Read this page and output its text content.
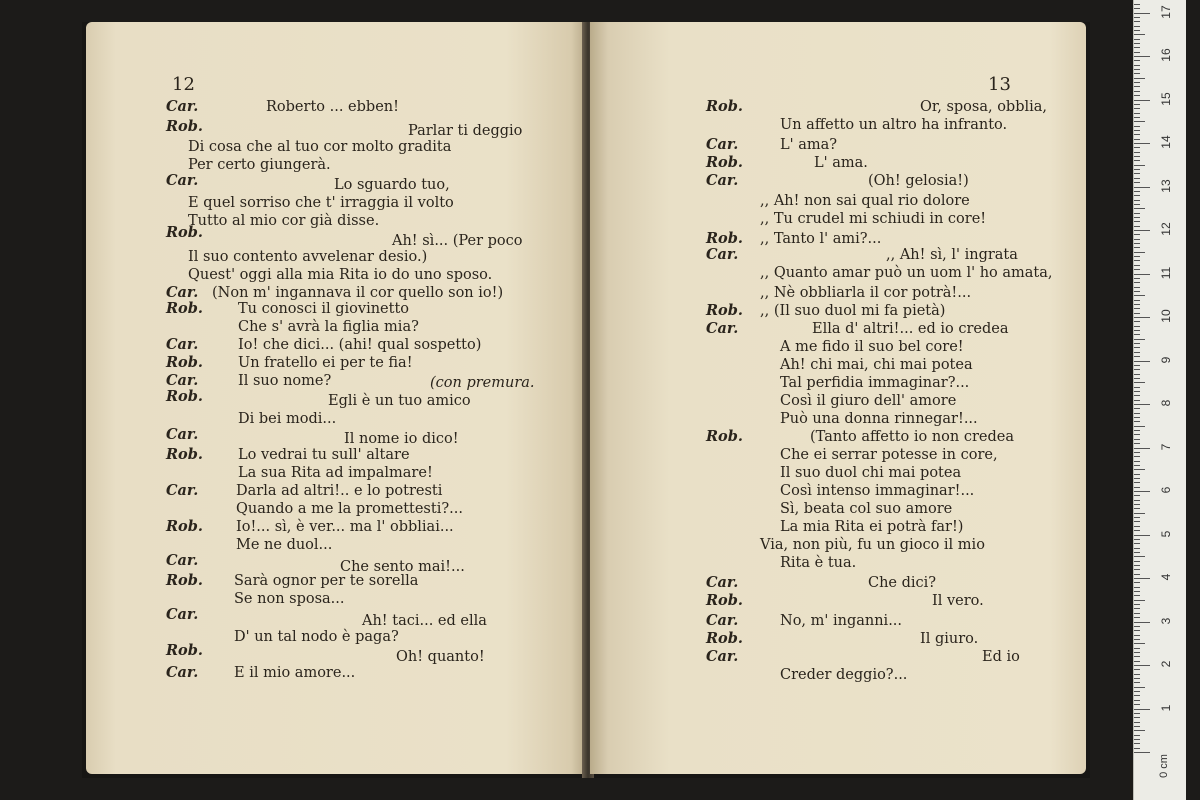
12
Car.	Roberto ... ebben!
Rob.	Parlar ti deggio
Di cosa che al tuo cor molto gradita
Per certo giungerà.
Car.	Lo sguardo tuo,
E quel sorriso che t' irraggia il volto
Tutto al mio cor già disse.
Rob.	Ah! sì... (Per poco
Il suo contento avvelenar desio.)
Quest' oggi alla mia Rita io do uno sposo.
Car. (Non m' ingannava il cor quello son io!)
Rob. Tu conosci il giovinetto
Che s' avrà la figlia mia?
Car.	Io! che dici... (ahi! qual sospetto)
Rob. Un fratello ei per te fia!
Car.	Il suo nome?	(con premura.
Rob.	Egli è un tuo amico
Di bei modi...
Car.	Il nome io dico!
Rob. Lo vedrai tu sull' altare
La sua Rita ad impalmare!
Car.	Darla ad altri!.. e lo potresti
Quando a me la promettesti?...
Rob. Io!... sì, è ver... ma l' obbliai...
Me ne duol...
Car.	Che sento mai!...
Rob. Sarà ognor per te sorella
Se non sposa...
Car.	Ah! taci... ed ella
D' un tal nodo è paga?
Rob.	Oh! quanto!
Car. E il mio amore...
13
Rob.	Or, sposa, obblia,
Un affetto un altro ha infranto.
Car.	L' ama?
Rob.	L' ama.
Car.	(Oh! gelosia!)
,, Ah! non sai qual rio dolore
,, Tu crudel mi schiudi in core!
Rob. ,, Tanto l' ami?...
Car.	,, Ah! sì, l' ingrata
,, Quanto amar può un uom l' ho amata,
,, Nè obbliarla il cor potrà!...
Rob. ,, (Il suo duol mi fa pietà)
Car.	Ella d' altri!... ed io credea
A me fido il suo bel core!
Ah! chi mai, chi mai potea
Tal perfidia immaginar?...
Così il giuro dell' amore
Può una donna rinnegar!...
Rob.	(Tanto affetto io non credea
Che ei serrar potesse in core,
Il suo duol chi mai potea
Così intenso immaginar!...
Sì, beata col suo amore
La mia Rita ei potrà far!)
Via, non più, fu un gioco il mio
Rita è tua.
Car.	Che dici?
Rob.	Il vero.
Car.	No, m' inganni...
Rob.	Il giuro.
Car.	Ed io
Creder deggio?...
0 cm
1
2
3
4
5
6
7
8
9
10
11
12
13
14
15
16
17
